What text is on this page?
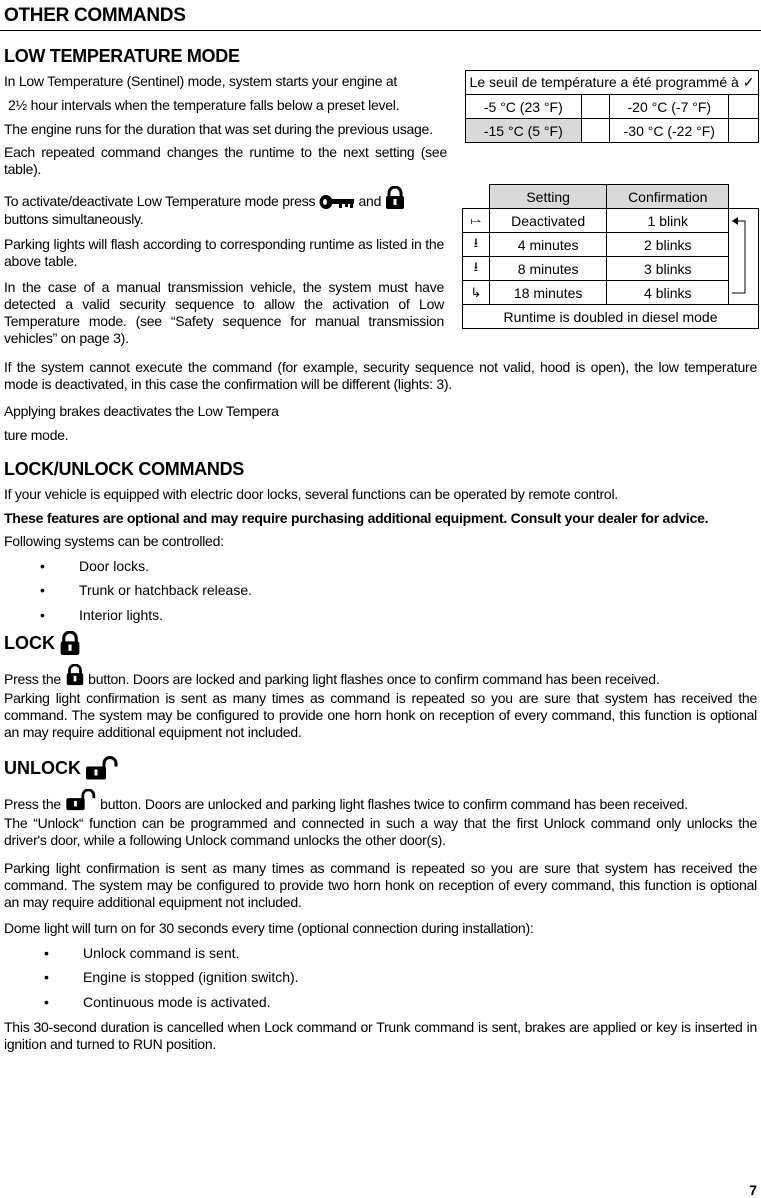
OTHER COMMANDS
LOW TEMPERATURE MODE

In Low Temperature (Sentinel) mode, system starts your engine at

2½ hour intervals when the temperature falls below a preset level.

The engine runs for the duration that was set during the previous usage.

Each repeated command changes the runtime to the next setting (see table).

To activate/deactivate Low Temperature mode press	and

buttons simultaneously.

Parking lights will flash according to corresponding runtime as listed in the above table.

In the case of a manual transmission vehicle, the system must have detected a valid security sequence to allow the activation of Low Temperature mode. (see “Safety sequence for manual transmission vehicles” on page 3).

If the system cannot execute the command (for example, security sequence not valid, hood is open), the low temperature mode is deactivated, in this case the confirmation will be different (lights: 3).

Applying brakes deactivates the Low Tempera

ture mode.

Le seuil de température a été programmé à ✓			
-5 °C (23 °F)		-20 °C (-7 °F)	
-15 °C (5 °F)		-30 °C (-22 °F)	
	Setting	Confirmation	
⥛	Deactivated	1 blink	
⭳	4 minutes	2 blinks	
⭳	8 minutes	3 blinks	
↳	18 minutes	4 blinks	
Runtime is doubled in diesel mode			
LOCK/UNLOCK COMMANDS

If your vehicle is equipped with electric door locks, several functions can be operated by remote control.

These features are optional and may require purchasing additional equipment. Consult your dealer for advice.

Following systems can be controlled:

• Door locks.
• Trunk or hatchback release.
• Interior lights.
LOCK
Press the button. Doors are locked and parking light flashes once to confirm command has been received.

Parking light confirmation is sent as many times as command is repeated so you are sure that system has received the command. The system may be configured to provide one horn honk on reception of every command, this function is optional an may require additional equipment not included.

UNLOCK
Press the	button. Doors are unlocked and parking light flashes twice to confirm command has been received.

The “Unlock“ function can be programmed and connected in such a way that the first Unlock command only unlocks the driver's door, while a following Unlock command unlocks the other door(s).

Parking light confirmation is sent as many times as command is repeated so you are sure that system has received the command. The system may be configured to provide two horn honk on reception of every command, this function is optional an may require additional equipment not included.

Dome light will turn on for 30 seconds every time (optional connection during installation):

• Unlock command is sent.
• Engine is stopped (ignition switch).
• Continuous mode is activated.

This 30-second duration is cancelled when Lock command or Trunk command is sent, brakes are applied or key is inserted in ignition and turned to RUN position.

7
